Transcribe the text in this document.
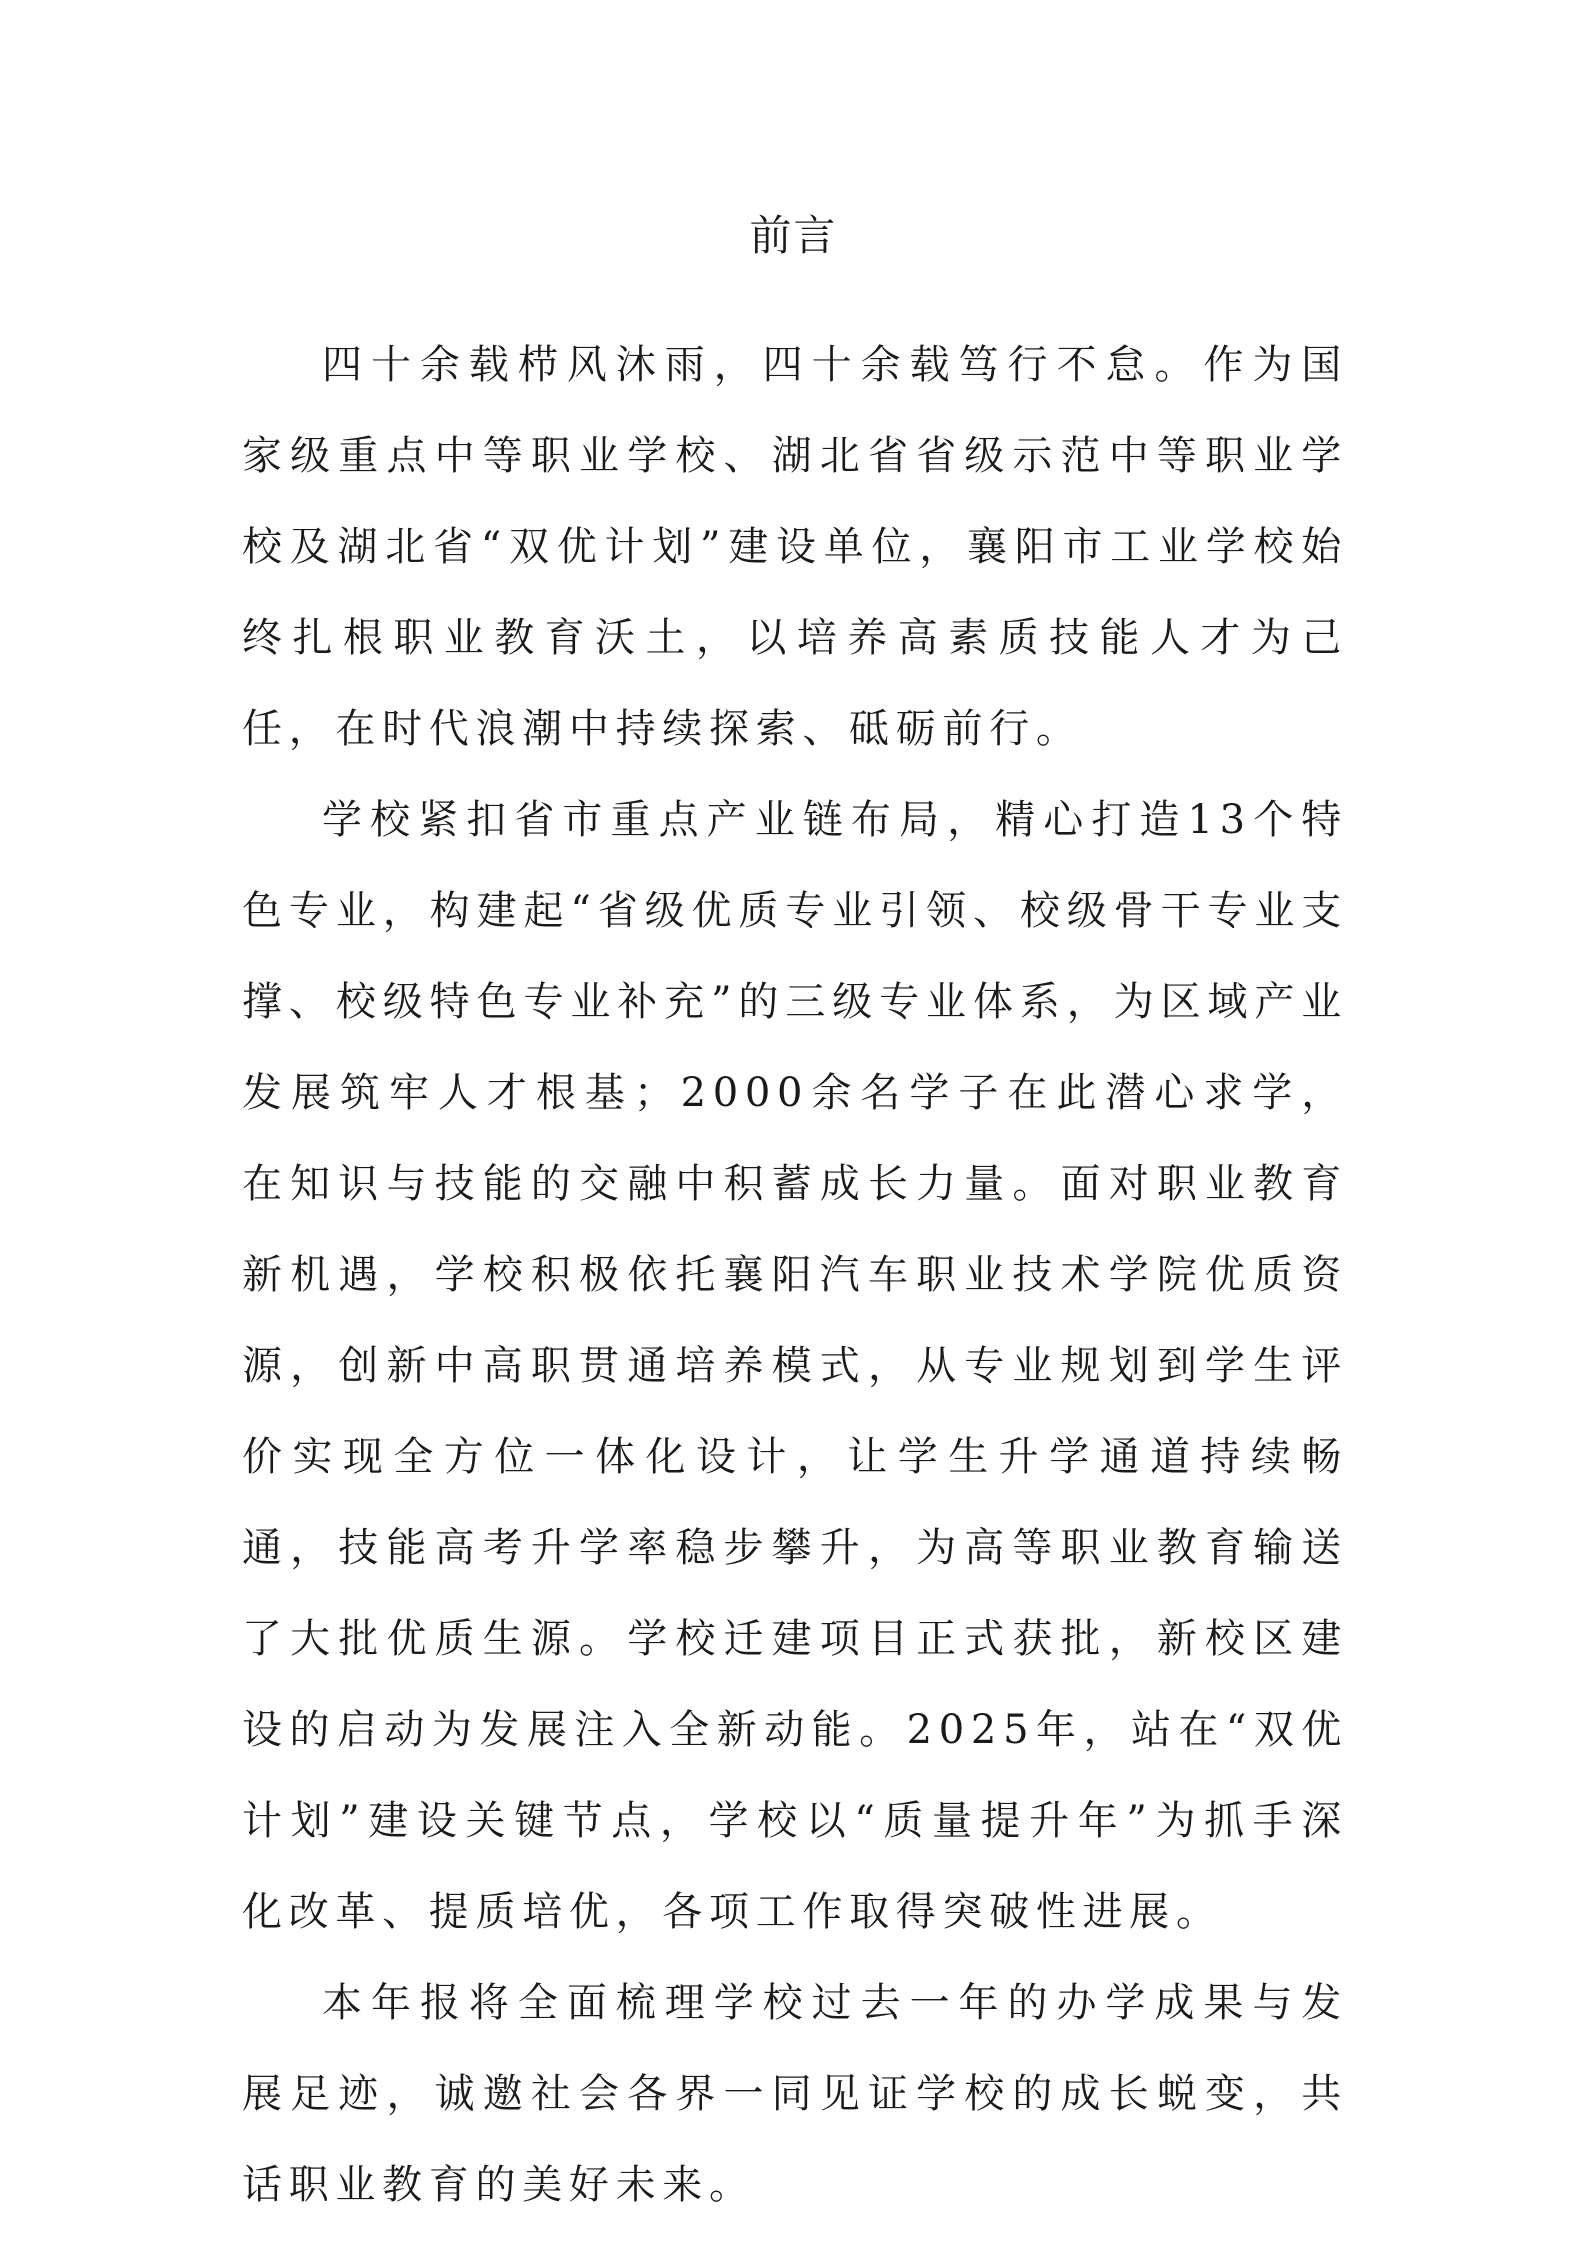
前言

四十余载栉风沐雨，四十余载笃行不怠。作为国家级重点中等职业学校、湖北省省级示范中等职业学校及湖北省“双优计划”建设单位，襄阳市工业学校始终扎根职业教育沃土，以培养高素质技能人才为己任，在时代浪潮中持续探索、砥砺前行。

学校紧扣省市重点产业链布局，精心打造13个特色专业，构建起“省级优质专业引领、校级骨干专业支撑、校级特色专业补充”的三级专业体系，为区域产业发展筑牢人才根基；2000余名学子在此潜心求学，在知识与技能的交融中积蓄成长力量。面对职业教育新机遇，学校积极依托襄阳汽车职业技术学院优质资源，创新中高职贯通培养模式，从专业规划到学生评价实现全方位一体化设计，让学生升学通道持续畅通，技能高考升学率稳步攀升，为高等职业教育输送了大批优质生源。学校迁建项目正式获批，新校区建设的启动为发展注入全新动能。2025年，站在“双优计划”建设关键节点，学校以“质量提升年”为抓手深化改革、提质培优，各项工作取得突破性进展。

本年报将全面梳理学校过去一年的办学成果与发展足迹，诚邀社会各界一同见证学校的成长蜕变，共话职业教育的美好未来。
